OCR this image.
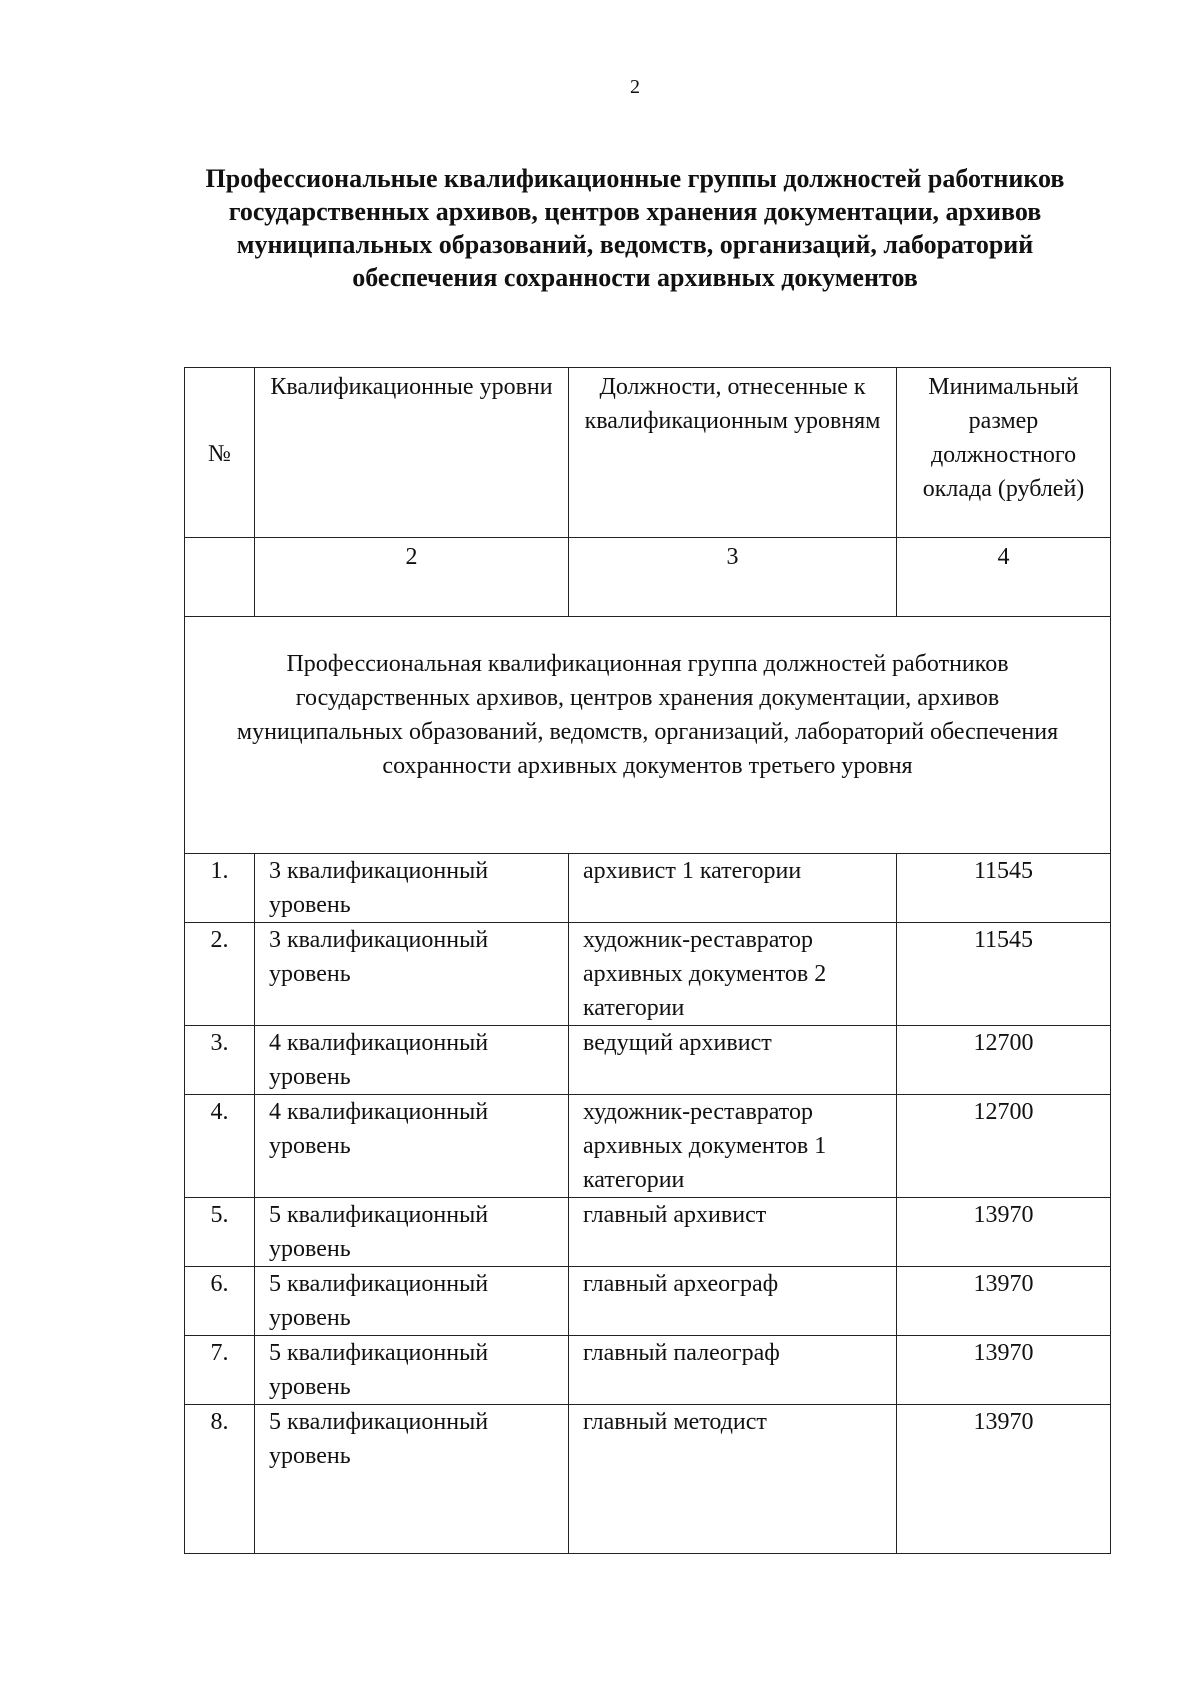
2
Профессиональные квалификационные группы должностей работников государственных архивов, центров хранения документации, архивов муниципальных образований, ведомств, организаций, лабораторий обеспечения сохранности архивных документов
№	Квалификационные уровни	Должности, отнесенные к квалификационным уровням	Минимальный размер должностного оклада (рублей)

	2	3	4

Профессиональная квалификационная группа должностей работников государственных архивов, центров хранения документации, архивов муниципальных образований, ведомств, организаций, лабораторий обеспечения сохранности архивных документов третьего уровня			

1.	3 квалификационный уровень	архивист 1 категории	11545

2.	3 квалификационный уровень	художник-реставратор архивных документов 2 категории	11545

3.	4 квалификационный уровень	ведущий архивист	12700

4.	4 квалификационный уровень	художник-реставратор архивных документов 1 категории	12700

5.	5 квалификационный уровень	главный архивист	13970

6.	5 квалификационный уровень	главный археограф	13970

7.	5 квалификационный уровень	главный палеограф	13970

8.	5 квалификационный уровень	главный методист	13970
